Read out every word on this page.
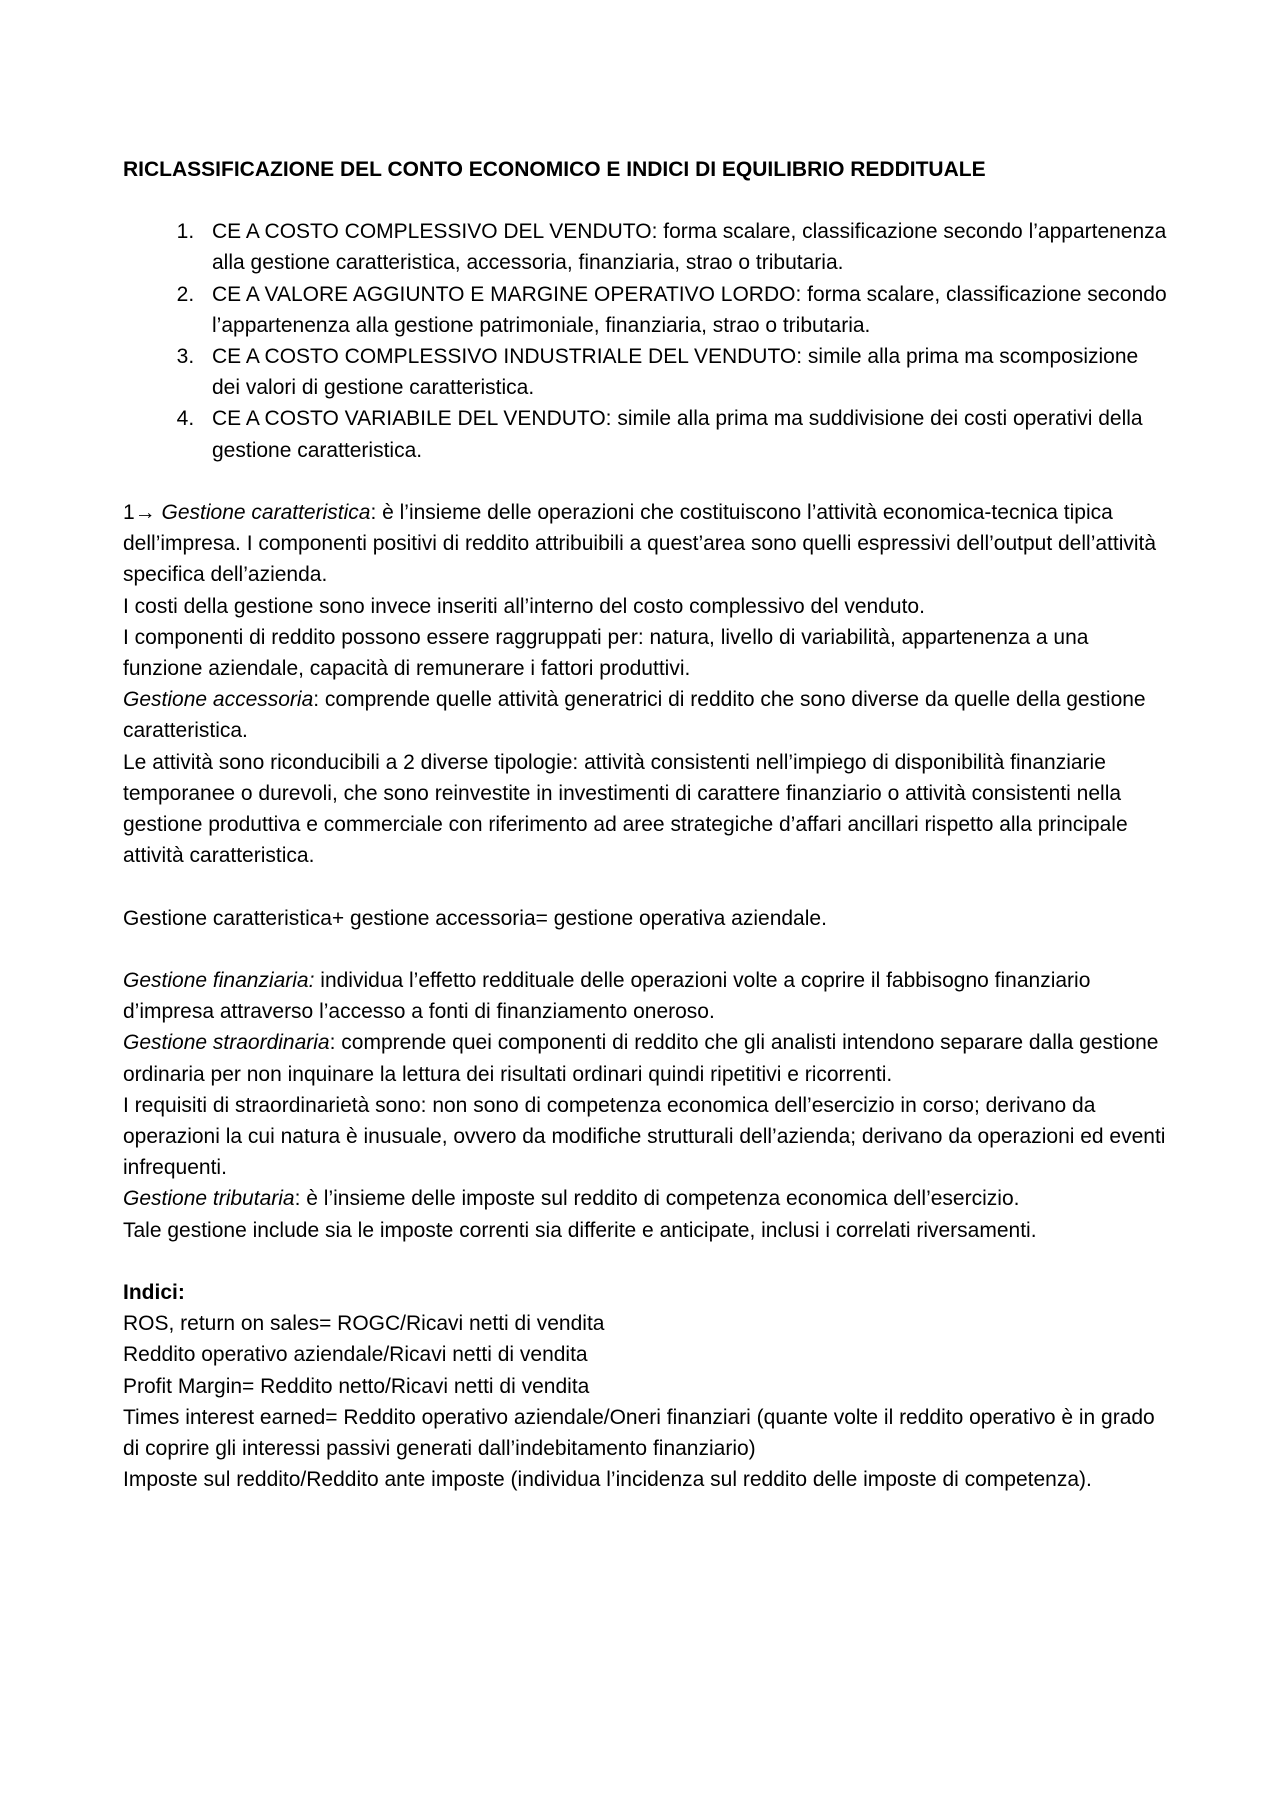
RICLASSIFICAZIONE DEL CONTO ECONOMICO E INDICI DI EQUILIBRIO REDDITUALE

1. CE A COSTO COMPLESSIVO DEL VENDUTO: forma scalare, classificazione secondo l’appartenenza alla gestione caratteristica, accessoria, finanziaria, strao o tributaria.
2. CE A VALORE AGGIUNTO E MARGINE OPERATIVO LORDO: forma scalare, classificazione secondo l’appartenenza alla gestione patrimoniale, finanziaria, strao o tributaria.
3. CE A COSTO COMPLESSIVO INDUSTRIALE DEL VENDUTO: simile alla prima ma scomposizione dei valori di gestione caratteristica.
4. CE A COSTO VARIABILE DEL VENDUTO: simile alla prima ma suddivisione dei costi operativi della gestione caratteristica.

1→ Gestione caratteristica: è l’insieme delle operazioni che costituiscono l’attività economica-tecnica tipica dell’impresa. I componenti positivi di reddito attribuibili a quest’area sono quelli espressivi dell’output dell’attività specifica dell’azienda.

I costi della gestione sono invece inseriti all’interno del costo complessivo del venduto.

I componenti di reddito possono essere raggruppati per: natura, livello di variabilità, appartenenza a una funzione aziendale, capacità di remunerare i fattori produttivi.

Gestione accessoria: comprende quelle attività generatrici di reddito che sono diverse da quelle della gestione caratteristica.

Le attività sono riconducibili a 2 diverse tipologie: attività consistenti nell’impiego di disponibilità finanziarie temporanee o durevoli, che sono reinvestite in investimenti di carattere finanziario o attività consistenti nella gestione produttiva e commerciale con riferimento ad aree strategiche d’affari ancillari rispetto alla principale attività caratteristica.

Gestione caratteristica+ gestione accessoria= gestione operativa aziendale.

Gestione finanziaria: individua l’effetto reddituale delle operazioni volte a coprire il fabbisogno finanziario d’impresa attraverso l’accesso a fonti di finanziamento oneroso.

Gestione straordinaria: comprende quei componenti di reddito che gli analisti intendono separare dalla gestione ordinaria per non inquinare la lettura dei risultati ordinari quindi ripetitivi e ricorrenti.

I requisiti di straordinarietà sono: non sono di competenza economica dell’esercizio in corso; derivano da operazioni la cui natura è inusuale, ovvero da modifiche strutturali dell’azienda; derivano da operazioni ed eventi infrequenti.

Gestione tributaria: è l’insieme delle imposte sul reddito di competenza economica dell’esercizio.

Tale gestione include sia le imposte correnti sia differite e anticipate, inclusi i correlati riversamenti.

Indici:

ROS, return on sales= ROGC/Ricavi netti di vendita

Reddito operativo aziendale/Ricavi netti di vendita

Profit Margin= Reddito netto/Ricavi netti di vendita

Times interest earned= Reddito operativo aziendale/Oneri finanziari (quante volte il reddito operativo è in grado di coprire gli interessi passivi generati dall’indebitamento finanziario)

Imposte sul reddito/Reddito ante imposte (individua l’incidenza sul reddito delle imposte di competenza).
